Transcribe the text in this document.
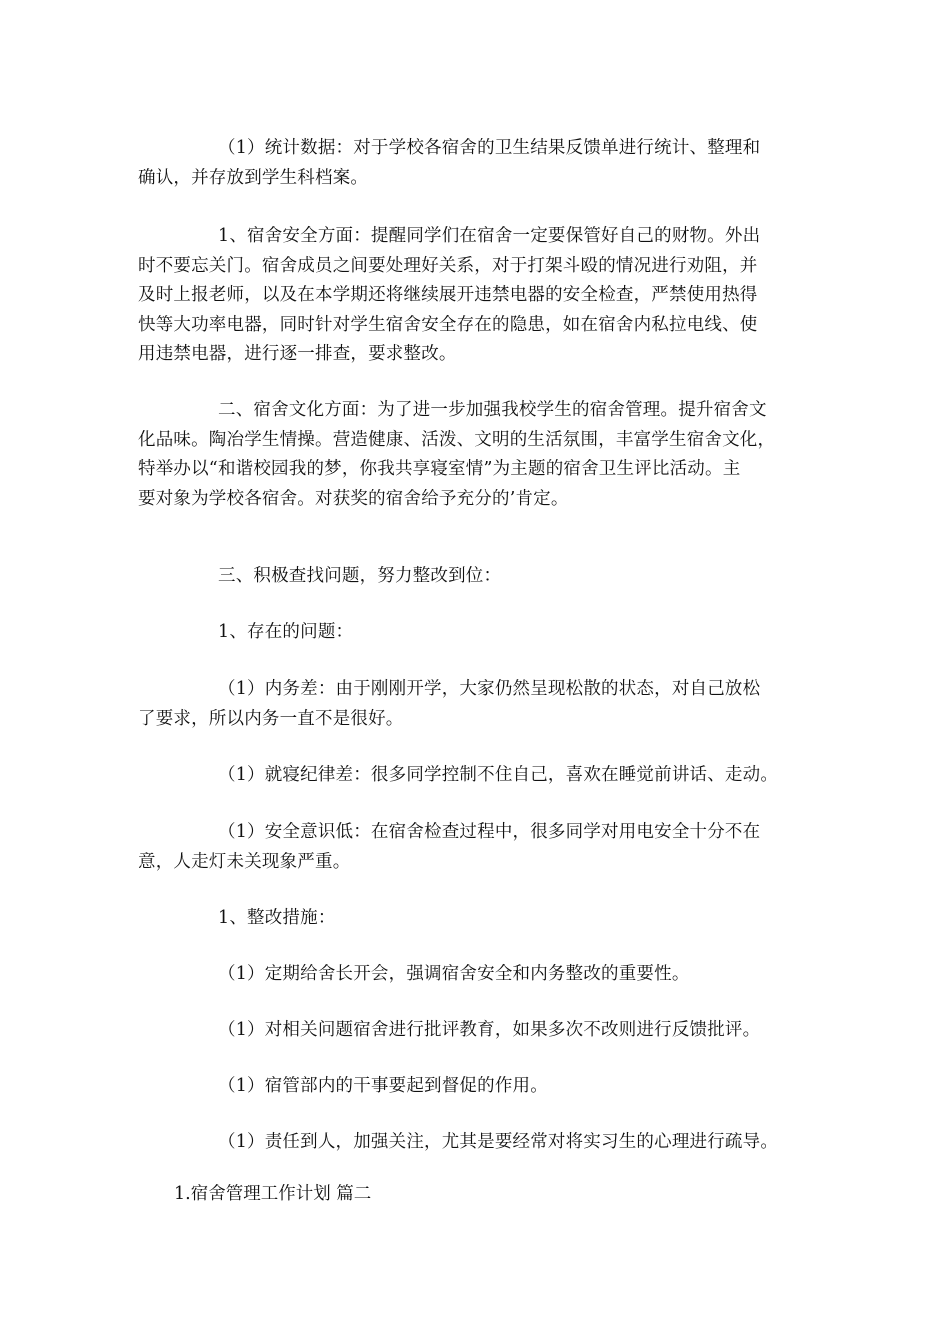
（1）统计数据：对于学校各宿舍的卫生结果反馈单进行统计、整理和
确认，并存放到学生科档案。

1、宿舍安全方面：提醒同学们在宿舍一定要保管好自己的财物。外出
时不要忘关门。宿舍成员之间要处理好关系，对于打架斗殴的情况进行劝阻，并
及时上报老师，以及在本学期还将继续展开违禁电器的安全检查，严禁使用热得
快等大功率电器，同时针对学生宿舍安全存在的隐患，如在宿舍内私拉电线、使
用违禁电器，进行逐一排查，要求整改。

二、宿舍文化方面：为了进一步加强我校学生的宿舍管理。提升宿舍文
化品味。陶冶学生情操。营造健康、活泼、文明的生活氛围，丰富学生宿舍文化，
特举办以“和谐校园我的梦，你我共享寝室情”为主题的宿舍卫生评比活动。主
要对象为学校各宿舍。对获奖的宿舍给予充分的’肯定。

三、积极查找问题，努力整改到位：

1、存在的问题：

（1）内务差：由于刚刚开学，大家仍然呈现松散的状态，对自己放松
了要求，所以内务一直不是很好。

（1）就寝纪律差：很多同学控制不住自己，喜欢在睡觉前讲话、走动。

（1）安全意识低：在宿舍检查过程中，很多同学对用电安全十分不在
意，人走灯未关现象严重。

1、整改措施：

（1）定期给舍长开会，强调宿舍安全和内务整改的重要性。

（1）对相关问题宿舍进行批评教育，如果多次不改则进行反馈批评。

（1）宿管部内的干事要起到督促的作用。

（1）责任到人，加强关注，尤其是要经常对将实习生的心理进行疏导。

1.宿舍管理工作计划 篇二
